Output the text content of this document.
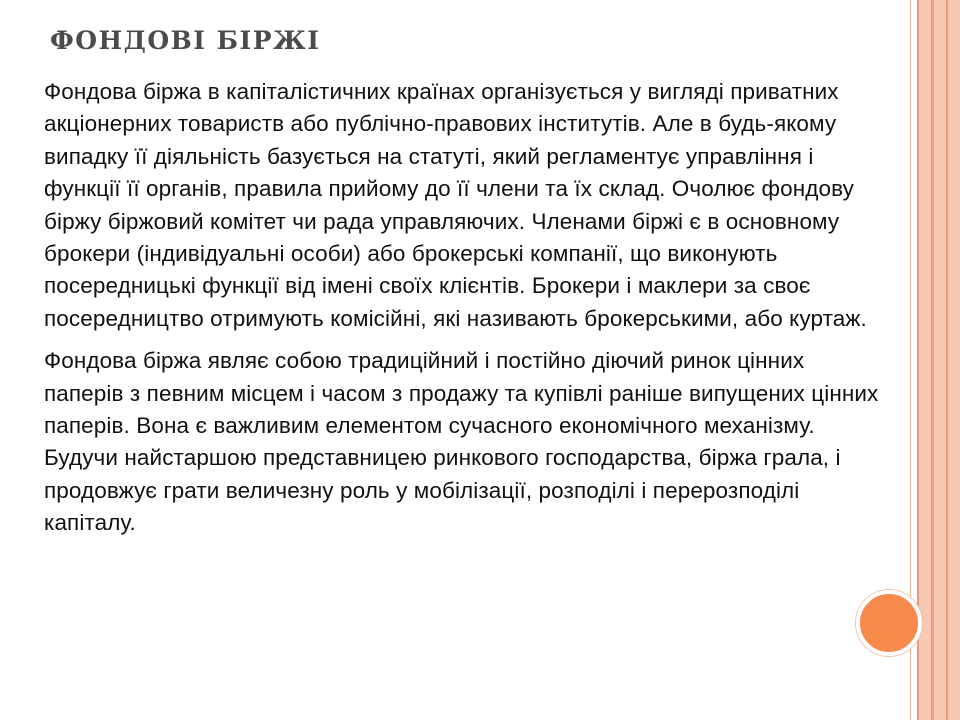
ФОНДОВІ БІРЖІ

Фондова біржа в капіталістичних країнах організується у вигляді приватних акціонерних товариств або публічно-правових інститутів. Але в будь-якому випадку її діяльність базується на статуті, який регламентує управління і функції її органів, правила прийому до її члени та їх склад. Очолює фондову біржу біржовий комітет чи рада управляючих. Членами біржі є в основному брокери (індивідуальні особи) або брокерські компанії, що виконують посередницькі функції від імені своїх клієнтів. Брокери і маклери за своє посередництво отримують комісійні, які називають брокерськими, або куртаж.

Фондова біржа являє собою традиційний і постійно діючий ринок цінних паперів з певним місцем і часом з продажу та купівлі раніше випущених цінних паперів. Вона є важливим елементом сучасного економічного механізму. Будучи найстаршою представницею ринкового господарства, біржа грала, і продовжує грати величезну роль у мобілізації, розподілі і перерозподілі капіталу.
